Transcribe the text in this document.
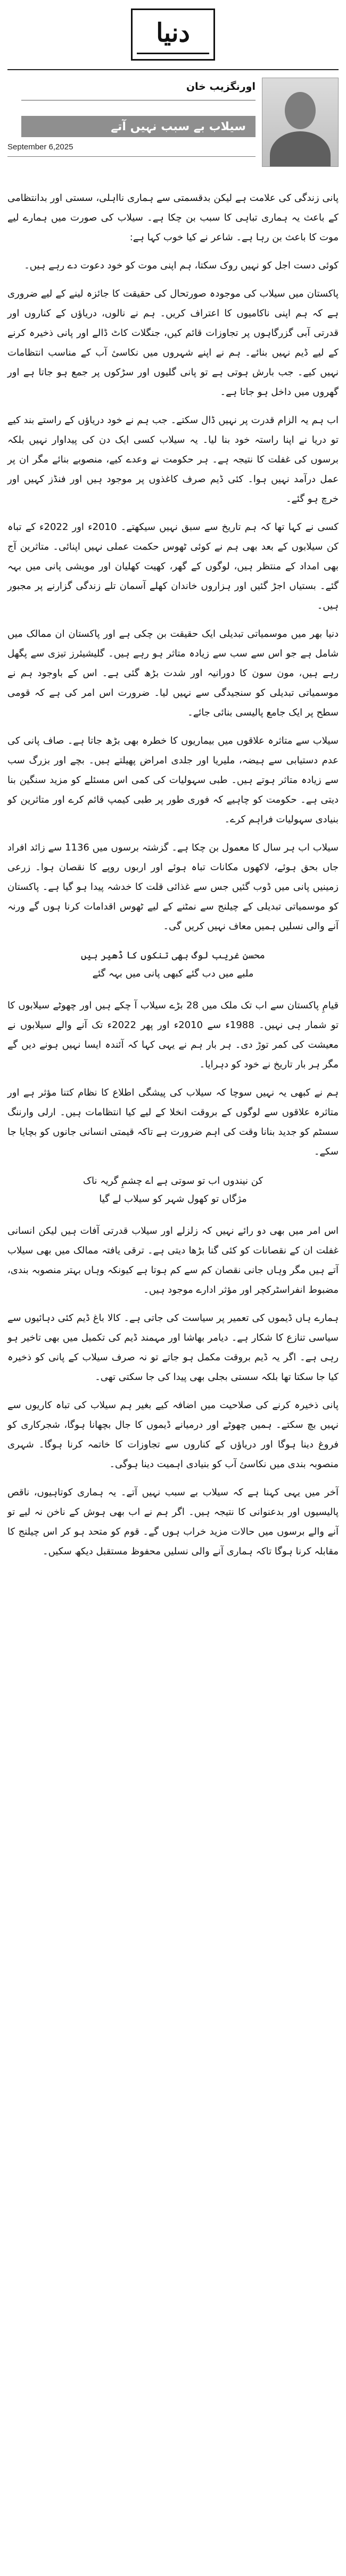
دنیا
اورنگزیب خان
سیلاب بے سبب نہیں آتے
September 6,2025

پانی زندگی کی علامت ہے لیکن بدقسمتی سے ہماری نااہلی، سستی اور بدانتظامی کے باعث یہ ہماری تباہی کا سبب بن چکا ہے۔ سیلاب کی صورت میں ہمارے لیے موت کا باعث بن رہا ہے۔ شاعر نے کیا خوب کہا ہے:

کوئی دست اجل کو نہیں روک سکتا، ہم اپنی موت کو خود دعوت دے رہے ہیں۔

پاکستان میں سیلاب کی موجودہ صورتحال کی حقیقت کا جائزہ لینے کے لیے ضروری ہے کہ ہم اپنی ناکامیوں کا اعتراف کریں۔ ہم نے نالوں، دریاؤں کے کناروں اور قدرتی آبی گزرگاہوں پر تجاوزات قائم کیں، جنگلات کاٹ ڈالے اور پانی ذخیرہ کرنے کے لیے ڈیم نہیں بنائے۔ ہم نے اپنے شہروں میں نکاسیٔ آب کے مناسب انتظامات نہیں کیے۔ جب بارش ہوتی ہے تو پانی گلیوں اور سڑکوں پر جمع ہو جاتا ہے اور گھروں میں داخل ہو جاتا ہے۔

اب ہم یہ الزام قدرت پر نہیں ڈال سکتے۔ جب ہم نے خود دریاؤں کے راستے بند کیے تو دریا نے اپنا راستہ خود بنا لیا۔ یہ سیلاب کسی ایک دن کی پیداوار نہیں بلکہ برسوں کی غفلت کا نتیجہ ہے۔ ہر حکومت نے وعدے کیے، منصوبے بنائے مگر ان پر عمل درآمد نہیں ہوا۔ کئی ڈیم صرف کاغذوں پر موجود ہیں اور فنڈز کہیں اور خرچ ہو گئے۔

کسی نے کہا تھا کہ ہم تاریخ سے سبق نہیں سیکھتے۔ 2010ء اور 2022ء کے تباہ کن سیلابوں کے بعد بھی ہم نے کوئی ٹھوس حکمت عملی نہیں اپنائی۔ متاثرین آج بھی امداد کے منتظر ہیں، لوگوں کے گھر، کھیت کھلیان اور مویشی پانی میں بہہ گئے۔ بستیاں اجڑ گئیں اور ہزاروں خاندان کھلے آسمان تلے زندگی گزارنے پر مجبور ہیں۔

دنیا بھر میں موسمیاتی تبدیلی ایک حقیقت بن چکی ہے اور پاکستان ان ممالک میں شامل ہے جو اس سے سب سے زیادہ متاثر ہو رہے ہیں۔ گلیشیئرز تیزی سے پگھل رہے ہیں، مون سون کا دورانیہ اور شدت بڑھ گئی ہے۔ اس کے باوجود ہم نے موسمیاتی تبدیلی کو سنجیدگی سے نہیں لیا۔ ضرورت اس امر کی ہے کہ قومی سطح پر ایک جامع پالیسی بنائی جائے۔

سیلاب سے متاثرہ علاقوں میں بیماریوں کا خطرہ بھی بڑھ جاتا ہے۔ صاف پانی کی عدم دستیابی سے ہیضہ، ملیریا اور جلدی امراض پھیلتے ہیں۔ بچے اور بزرگ سب سے زیادہ متاثر ہوتے ہیں۔ طبی سہولیات کی کمی اس مسئلے کو مزید سنگین بنا دیتی ہے۔ حکومت کو چاہیے کہ فوری طور پر طبی کیمپ قائم کرے اور متاثرین کو بنیادی سہولیات فراہم کرے۔

سیلاب اب ہر سال کا معمول بن چکا ہے۔ گزشتہ برسوں میں 1136 سے زائد افراد جاں بحق ہوئے، لاکھوں مکانات تباہ ہوئے اور اربوں روپے کا نقصان ہوا۔ زرعی زمینیں پانی میں ڈوب گئیں جس سے غذائی قلت کا خدشہ پیدا ہو گیا ہے۔ پاکستان کو موسمیاتی تبدیلی کے چیلنج سے نمٹنے کے لیے ٹھوس اقدامات کرنا ہوں گے ورنہ آنے والی نسلیں ہمیں معاف نہیں کریں گی۔

محسن غریب لوگ بھی تنکوں کا ڈھیر ہیں
ملبے میں دب گئے کبھی پانی میں بہہ گئے

قیامِ پاکستان سے اب تک ملک میں 28 بڑے سیلاب آ چکے ہیں اور چھوٹے سیلابوں کا تو شمار ہی نہیں۔ 1988ء سے 2010ء اور پھر 2022ء تک آنے والے سیلابوں نے معیشت کی کمر توڑ دی۔ ہر بار ہم نے یہی کہا کہ آئندہ ایسا نہیں ہونے دیں گے مگر ہر بار تاریخ نے خود کو دہرایا۔

ہم نے کبھی یہ نہیں سوچا کہ سیلاب کی پیشگی اطلاع کا نظام کتنا مؤثر ہے اور متاثرہ علاقوں سے لوگوں کے بروقت انخلا کے لیے کیا انتظامات ہیں۔ ارلی وارننگ سسٹم کو جدید بنانا وقت کی اہم ضرورت ہے تاکہ قیمتی انسانی جانوں کو بچایا جا سکے۔

کن نیندوں اب تو سوتی ہے اے چشمِ گریہ ناک
مژگاں تو کھول شہر کو سیلاب لے گیا

اس امر میں بھی دو رائے نہیں کہ زلزلے اور سیلاب قدرتی آفات ہیں لیکن انسانی غفلت ان کے نقصانات کو کئی گنا بڑھا دیتی ہے۔ ترقی یافتہ ممالک میں بھی سیلاب آتے ہیں مگر وہاں جانی نقصان کم سے کم ہوتا ہے کیونکہ وہاں بہتر منصوبہ بندی، مضبوط انفراسٹرکچر اور مؤثر ادارے موجود ہیں۔

ہمارے ہاں ڈیموں کی تعمیر پر سیاست کی جاتی ہے۔ کالا باغ ڈیم کئی دہائیوں سے سیاسی تنازع کا شکار ہے۔ دیامر بھاشا اور مہمند ڈیم کی تکمیل میں بھی تاخیر ہو رہی ہے۔ اگر یہ ڈیم بروقت مکمل ہو جاتے تو نہ صرف سیلاب کے پانی کو ذخیرہ کیا جا سکتا تھا بلکہ سستی بجلی بھی پیدا کی جا سکتی تھی۔

پانی ذخیرہ کرنے کی صلاحیت میں اضافہ کیے بغیر ہم سیلاب کی تباہ کاریوں سے نہیں بچ سکتے۔ ہمیں چھوٹے اور درمیانے ڈیموں کا جال بچھانا ہوگا، شجرکاری کو فروغ دینا ہوگا اور دریاؤں کے کناروں سے تجاوزات کا خاتمہ کرنا ہوگا۔ شہری منصوبہ بندی میں نکاسیٔ آب کو بنیادی اہمیت دینا ہوگی۔

آخر میں یہی کہنا ہے کہ سیلاب بے سبب نہیں آتے۔ یہ ہماری کوتاہیوں، ناقص پالیسیوں اور بدعنوانی کا نتیجہ ہیں۔ اگر ہم نے اب بھی ہوش کے ناخن نہ لیے تو آنے والے برسوں میں حالات مزید خراب ہوں گے۔ قوم کو متحد ہو کر اس چیلنج کا مقابلہ کرنا ہوگا تاکہ ہماری آنے والی نسلیں محفوظ مستقبل دیکھ سکیں۔
